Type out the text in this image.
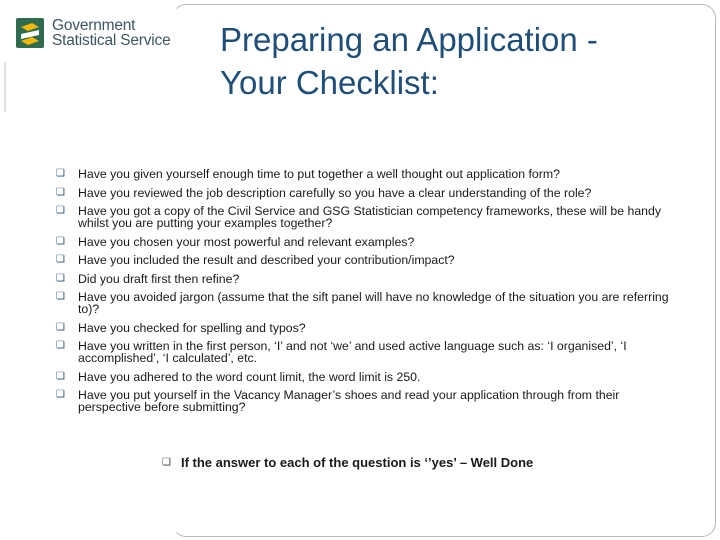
Government
Statistical Service Preparing an Application -
Your Checklist:
❏	Have you given yourself enough time to put together a well thought out application form?
❏	Have you reviewed the job description carefully so you have a clear understanding of the role?
❏	Have you got a copy of the Civil Service and GSG Statistician competency frameworks, these will be handy whilst you are putting your examples together?
❏	Have you chosen your most powerful and relevant examples?
❏	Have you included the result and described your contribution/impact?
❏	Did you draft first then refine?
❏	Have you avoided jargon (assume that the sift panel will have no knowledge of the situation you are referring to)?
❏	Have you checked for spelling and typos?
❏	Have you written in the first person, ‘I’ and not ‘we’ and used active language such as: ‘I organised’, ‘I accomplished’, ‘I calculated’, etc.
❏	Have you adhered to the word count limit, the word limit is 250.
❏	Have you put yourself in the Vacancy Manager’s shoes and read your application through from their perspective before submitting?
❏ If the answer to each of the question is ‘’yes’ – Well Done
